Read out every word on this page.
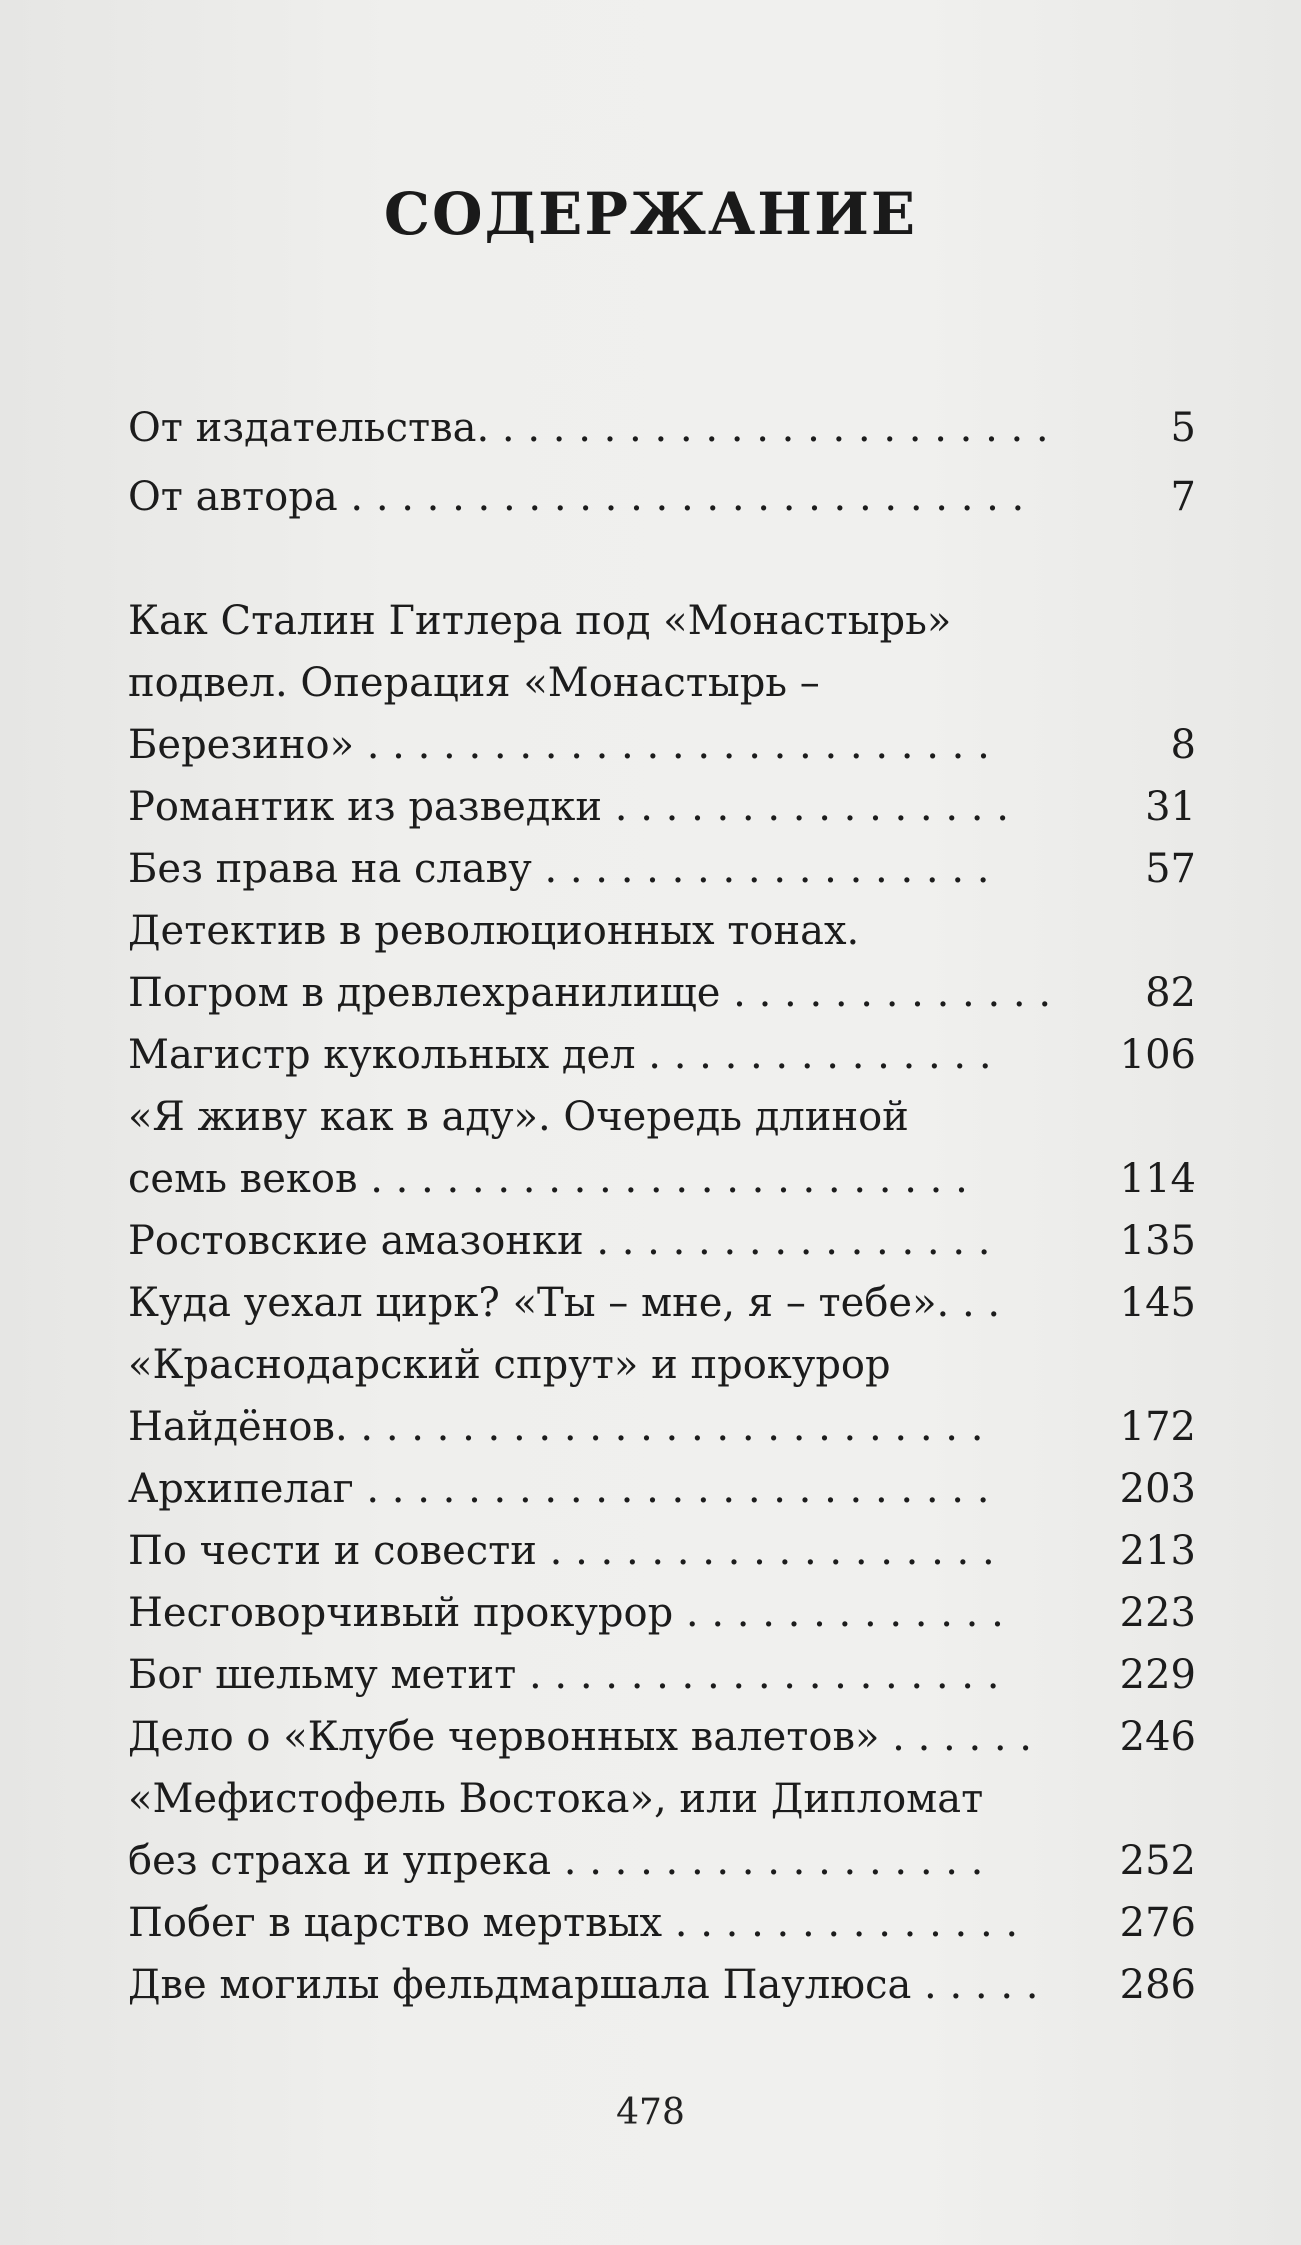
СОДЕРЖАНИЕ
От издательства. . . . . . . . . . . . . . . . . . . . . . .	5
От автора . . . . . . . . . . . . . . . . . . . . . . . . . . .	7
Как Сталин Гитлера под «Монастырь»
подвел. Операция «Монастырь –
Березино» . . . . . . . . . . . . . . . . . . . . . . . . .	8
Романтик из разведки . . . . . . . . . . . . . . . .	31
Без права на славу . . . . . . . . . . . . . . . . . .	57
Детектив в революционных тонах.
Погром в древлехранилище . . . . . . . . . . . . . 82
Магистр кукольных дел . . . . . . . . . . . . . .	106
«Я живу как в аду». Очередь длиной
семь веков . . . . . . . . . . . . . . . . . . . . . . . .	114
Ростовские амазонки . . . . . . . . . . . . . . . .	135
Куда уехал цирк? «Ты – мне, я – тебе». . .	145
«Краснодарский спрут» и прокурор
Найдёнов. . . . . . . . . . . . . . . . . . . . . . . . . .	172
Архипелаг . . . . . . . . . . . . . . . . . . . . . . . . .	203
По чести и совести . . . . . . . . . . . . . . . . . .	213
Несговорчивый прокурор . . . . . . . . . . . . .	223
Бог шельму метит . . . . . . . . . . . . . . . . . . .	229
Дело о «Клубе червонных валетов» . . . . . . 246
«Мефистофель Востока», или Дипломат
без страха и упрека . . . . . . . . . . . . . . . . .	252
Побег в царство мертвых . . . . . . . . . . . . . .	276
Две могилы фельдмаршала Паулюса . . . . . 286
478
